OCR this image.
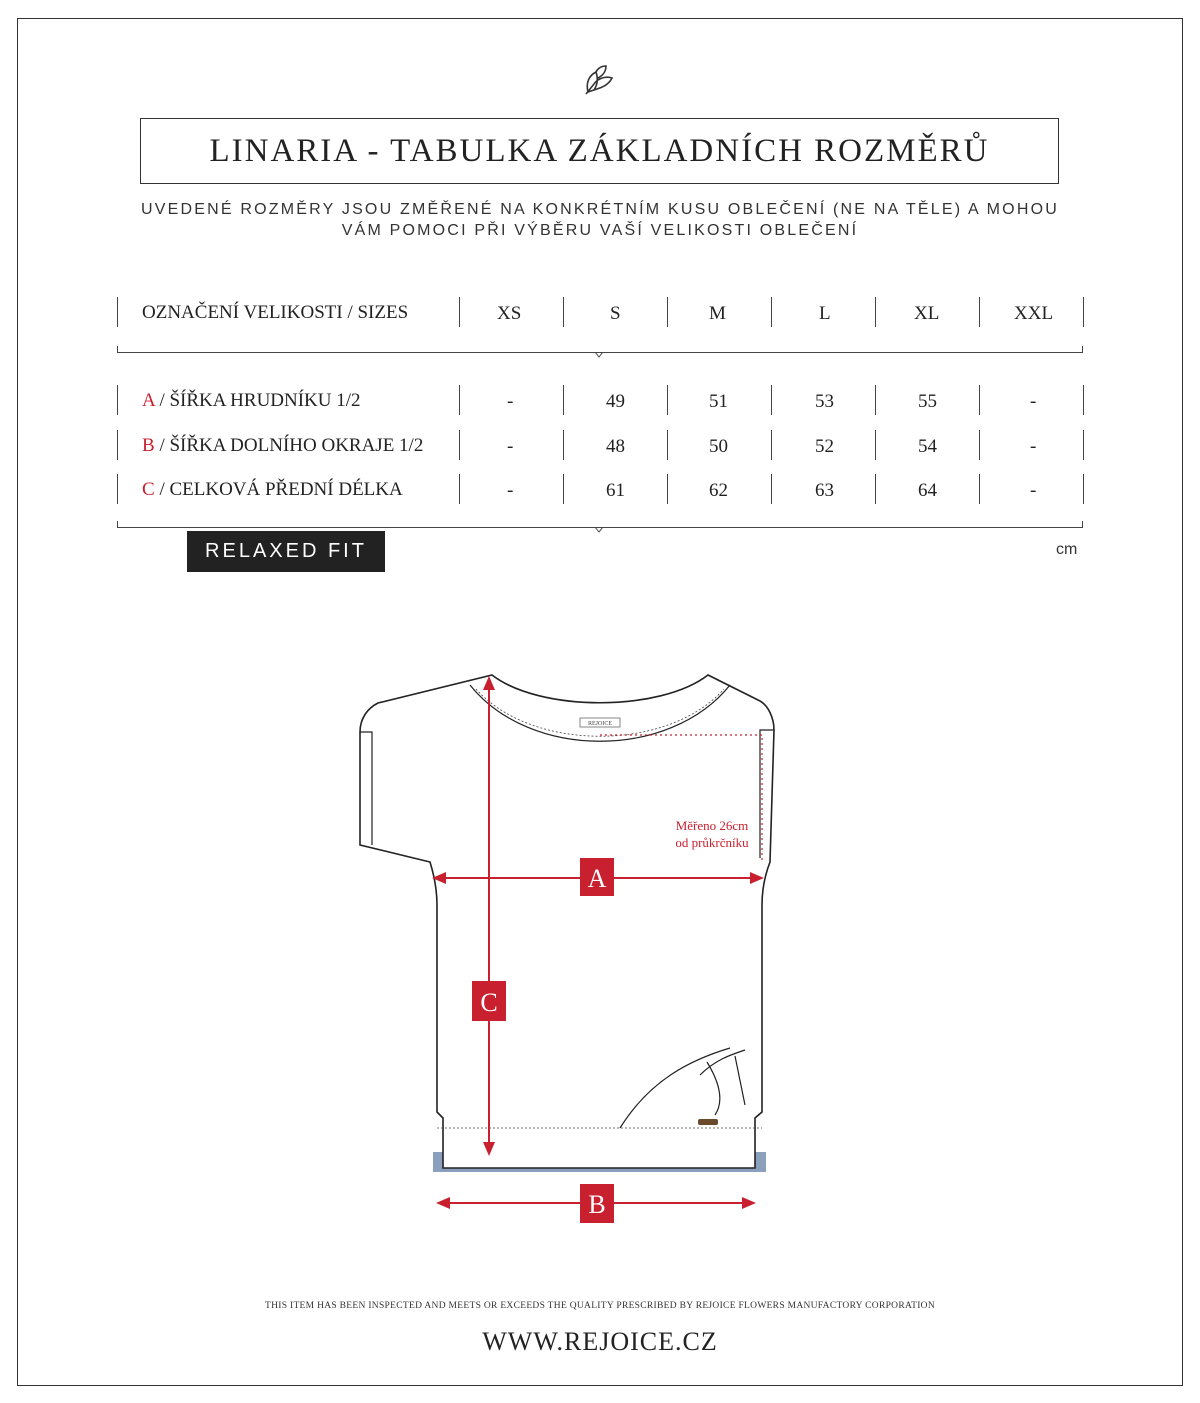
LINARIA - TABULKA ZÁKLADNÍCH ROZMĚRŮ
UVEDENÉ ROZMĚRY JSOU ZMĚŘENÉ NA KONKRÉTNÍM KUSU OBLEČENÍ (NE NA TĚLE) A MOHOU
VÁM POMOCI PŘI VÝBĚRU VAŠÍ VELIKOSTI OBLEČENÍ
OZNAČENÍ VELIKOSTI / SIZES	XS	S	M	L	XL	XXL
A / ŠÍŘKA HRUDNÍKU 1/2	-	49	51	53	55	-
B / ŠÍŘKA DOLNÍHO OKRAJE 1/2	-	48	50	52	54	-
C / CELKOVÁ PŘEDNÍ DÉLKA	-	61	62	63	64	-
RELAXED FIT	cm
REJOICE
Měřeno 26cm
od průkrčníku
A
C
B
THIS ITEM HAS BEEN INSPECTED AND MEETS OR EXCEEDS THE QUALITY PRESCRIBED BY REJOICE FLOWERS MANUFACTORY CORPORATION
WWW.REJOICE.CZ
